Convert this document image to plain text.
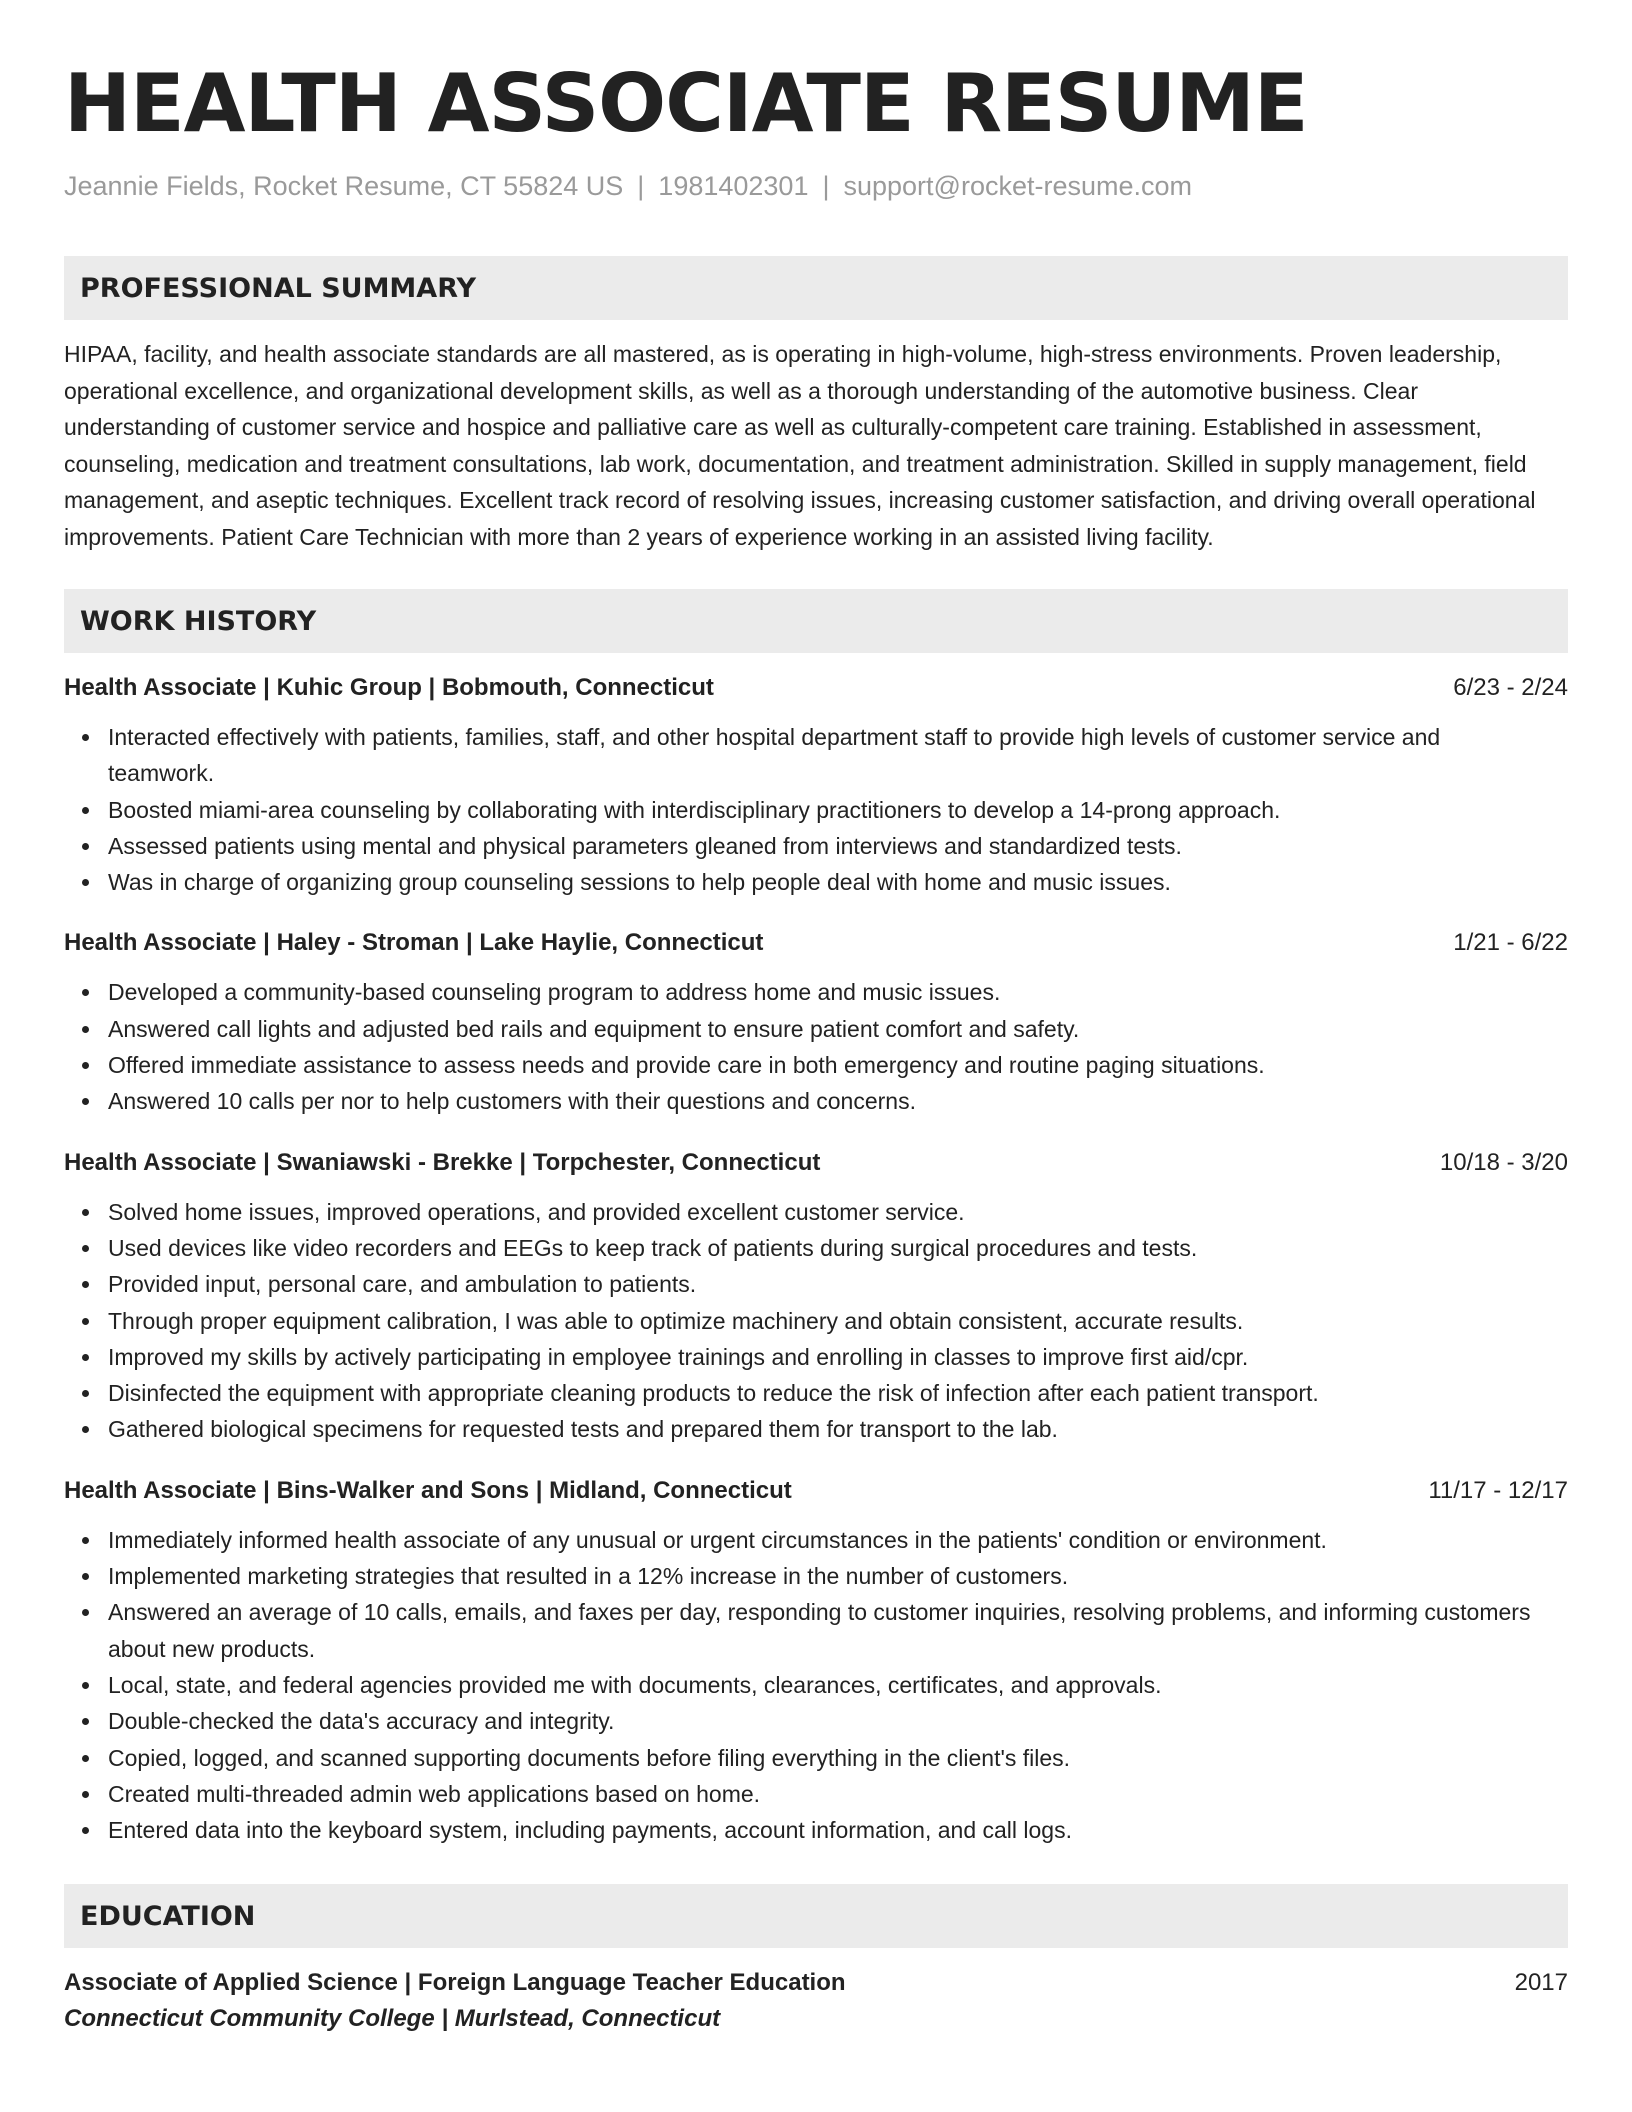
HEALTH ASSOCIATE RESUME
Jeannie Fields, Rocket Resume, CT 55824 US | 1981402301 | support@rocket-resume.com
PROFESSIONAL SUMMARY

HIPAA, facility, and health associate standards are all mastered, as is operating in high-volume, high-stress environments. Proven leadership, operational excellence, and organizational development skills, as well as a thorough understanding of the automotive business. Clear understanding of customer service and hospice and palliative care as well as culturally-competent care training. Established in assessment, counseling, medication and treatment consultations, lab work, documentation, and treatment administration. Skilled in supply management, field management, and aseptic techniques. Excellent track record of resolving issues, increasing customer satisfaction, and driving overall operational improvements. Patient Care Technician with more than 2 years of experience working in an assisted living facility.

WORK HISTORY
Health Associate | Kuhic Group | Bobmouth, Connecticut	6/23 - 2/24
Interacted effectively with patients, families, staff, and other hospital department staff to provide high levels of customer service and teamwork.
Boosted miami-area counseling by collaborating with interdisciplinary practitioners to develop a 14-prong approach.
Assessed patients using mental and physical parameters gleaned from interviews and standardized tests.
Was in charge of organizing group counseling sessions to help people deal with home and music issues.
Health Associate | Haley - Stroman | Lake Haylie, Connecticut	1/21 - 6/22
Developed a community-based counseling program to address home and music issues.
Answered call lights and adjusted bed rails and equipment to ensure patient comfort and safety.
Offered immediate assistance to assess needs and provide care in both emergency and routine paging situations.
Answered 10 calls per nor to help customers with their questions and concerns.
Health Associate | Swaniawski - Brekke | Torpchester, Connecticut	10/18 - 3/20
Solved home issues, improved operations, and provided excellent customer service.
Used devices like video recorders and EEGs to keep track of patients during surgical procedures and tests.
Provided input, personal care, and ambulation to patients.
Through proper equipment calibration, I was able to optimize machinery and obtain consistent, accurate results.
Improved my skills by actively participating in employee trainings and enrolling in classes to improve first aid/cpr.
Disinfected the equipment with appropriate cleaning products to reduce the risk of infection after each patient transport.
Gathered biological specimens for requested tests and prepared them for transport to the lab.
Health Associate | Bins-Walker and Sons | Midland, Connecticut	11/17 - 12/17
Immediately informed health associate of any unusual or urgent circumstances in the patients' condition or environment.
Implemented marketing strategies that resulted in a 12% increase in the number of customers.
Answered an average of 10 calls, emails, and faxes per day, responding to customer inquiries, resolving problems, and informing customers about new products.
Local, state, and federal agencies provided me with documents, clearances, certificates, and approvals.
Double-checked the data's accuracy and integrity.
Copied, logged, and scanned supporting documents before filing everything in the client's files.
Created multi-threaded admin web applications based on home.
Entered data into the keyboard system, including payments, account information, and call logs.
EDUCATION
Associate of Applied Science | Foreign Language Teacher Education	2017
Connecticut Community College | Murlstead, Connecticut
